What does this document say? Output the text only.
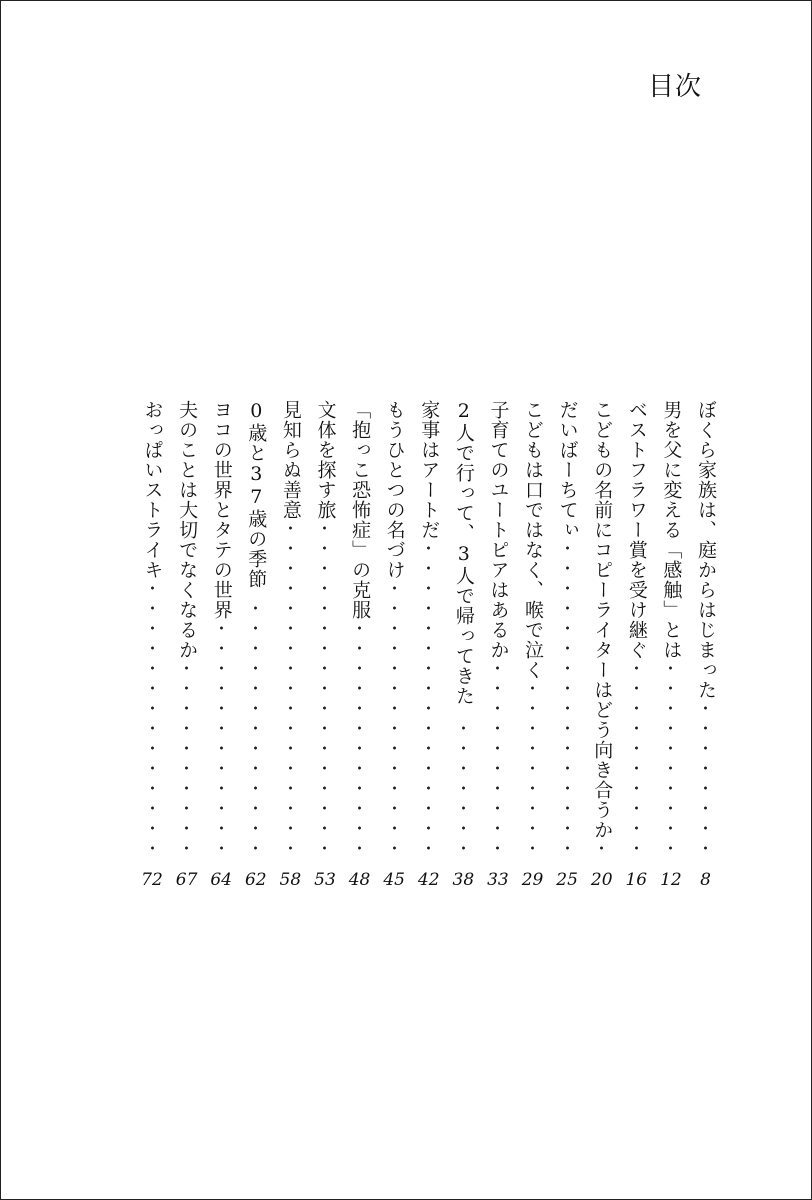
目次
ぼくら家族は、庭からはじまった
8
男を父に変える「感触」とは
12
ベストフラワー賞を受け継ぐ
16
こどもの名前にコピーライターはどう向き合うか
20
だいばーちてぃ
25
こどもは口ではなく、喉で泣く
29
子育てのユートピアはあるか
33
2人で行って、3人で帰ってきた
38
家事はアートだ
42
もうひとつの名づけ
45
「抱っこ恐怖症」の克服
48
文体を探す旅
53
見知らぬ善意
58
0歳と37歳の季節
62
ヨコの世界とタテの世界
64
夫のことは大切でなくなるか
67
おっぱいストライキ
72
